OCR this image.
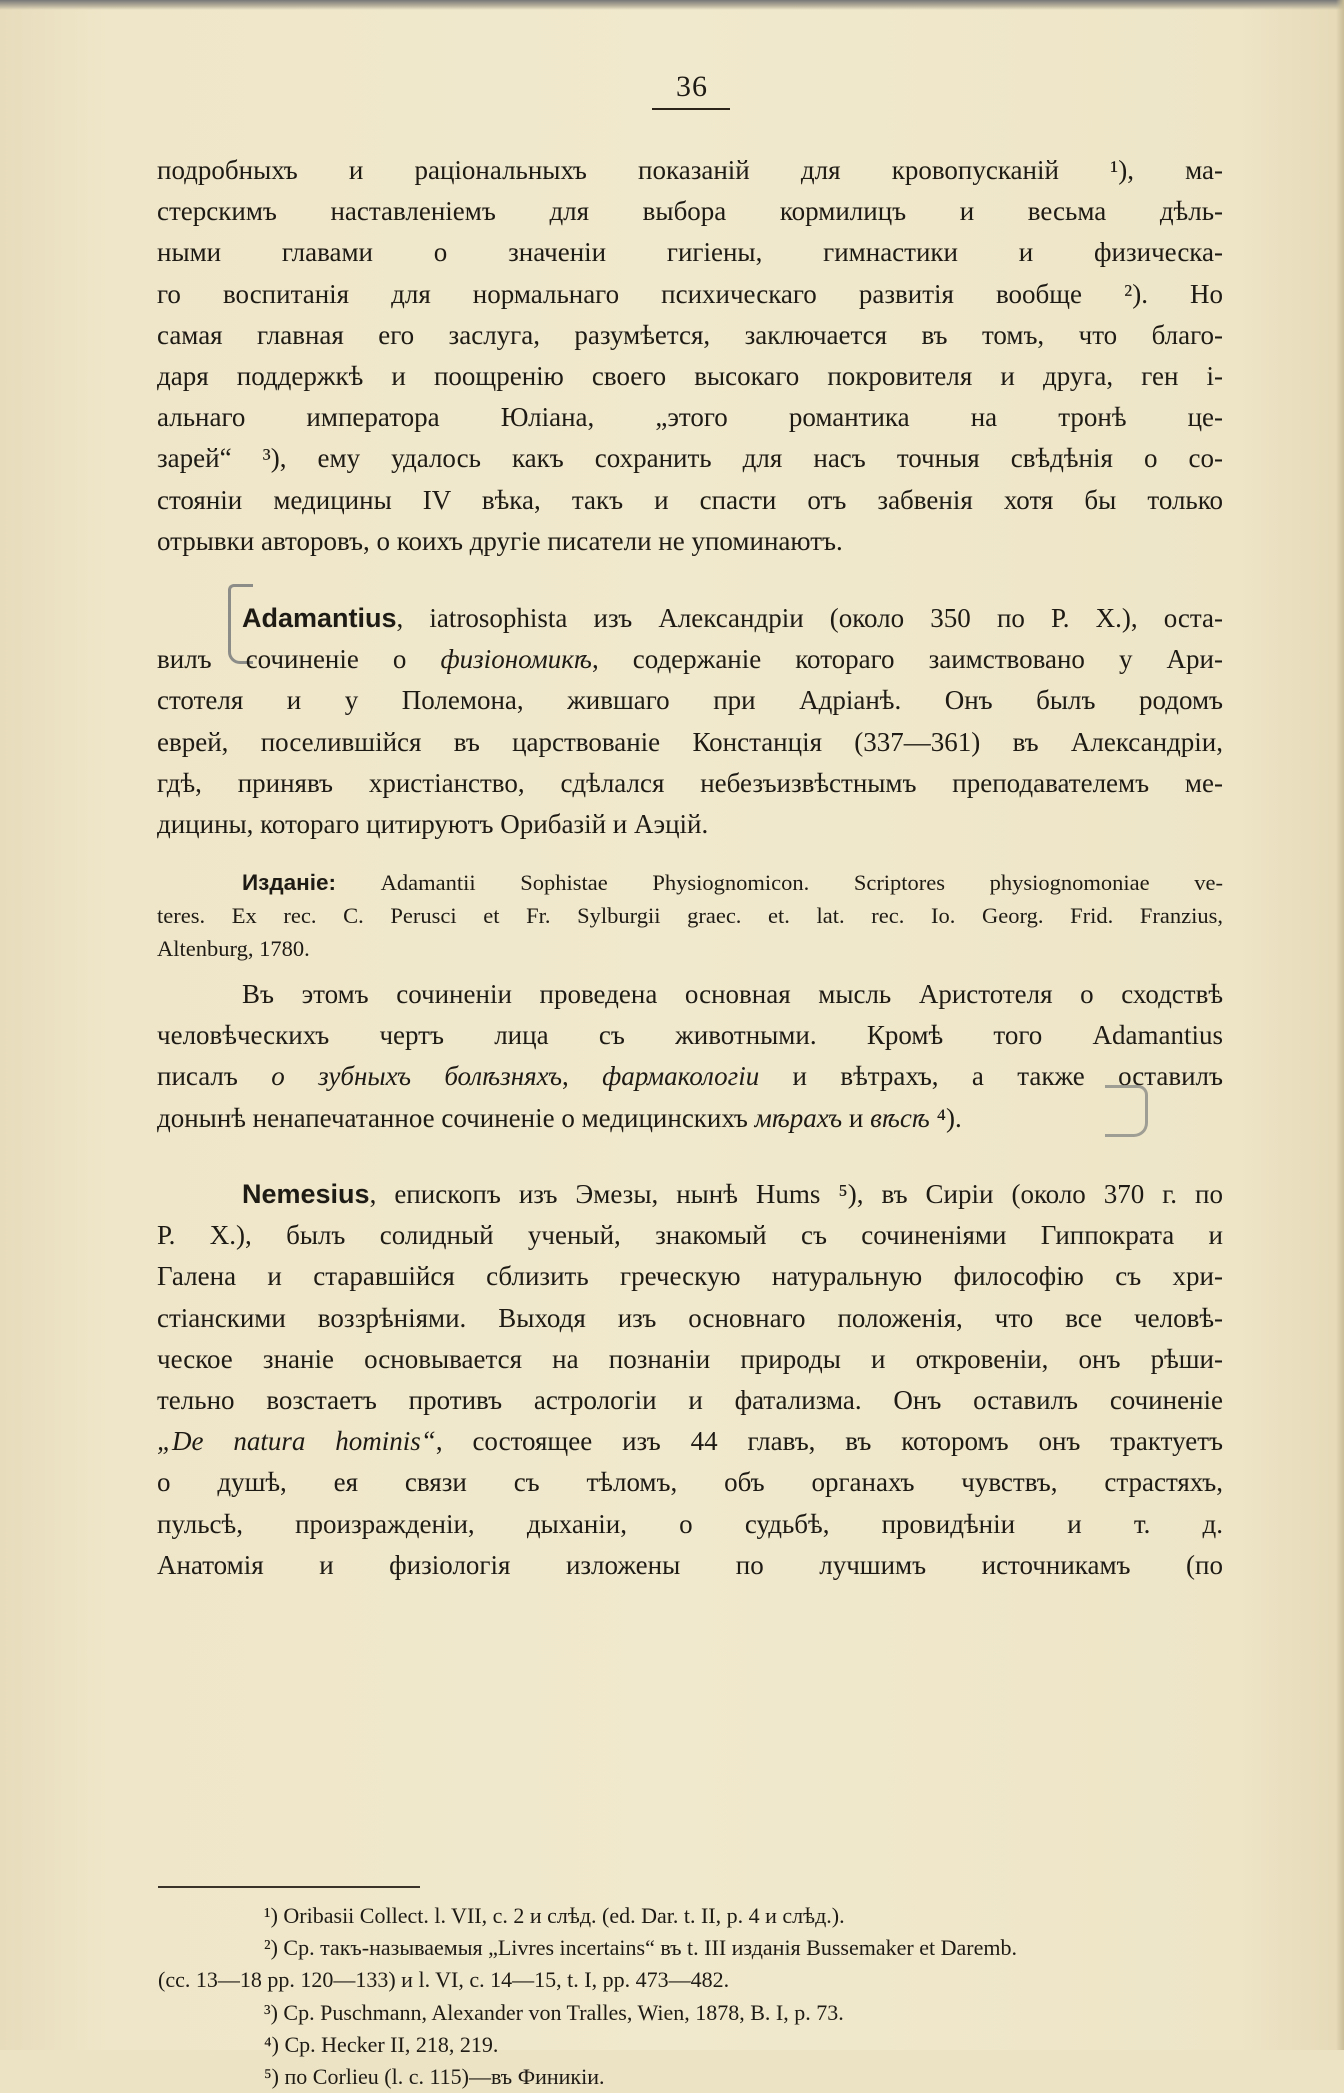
36
подробныхъ и раціональныхъ показаній для кровопусканій ¹), ма-
стерскимъ наставленіемъ для выбора кормилицъ и весьма дѣль-
ными главами о значеніи гигіены, гимнастики и физическа-
го воспитанія для нормальнаго психическаго развитія вообще ²). Но
самая главная его заслуга, разумѣется, заключается въ томъ, что благо-
даря поддержкѣ и поощренію своего высокаго покровителя и друга, ген і-
альнаго императора Юліана, „этого романтика на тронѣ це-
зарей“ ³), ему удалось какъ сохранить для насъ точныя свѣдѣнія о со-
стояніи медицины IV вѣка, такъ и спасти отъ забвенія хотя бы только
отрывки авторовъ, о коихъ другіе писатели не упоминаютъ.
Adamantius, iatrosophista изъ Александріи (около 350 по Р. Х.), оста-
вилъ сочиненіе о физіономикѣ, содержаніе котораго заимствовано у Ари-
стотеля и у Полемона, жившаго при Адріанѣ. Онъ былъ родомъ
еврей, поселившійся въ царствованіе Констанція (337—361) въ Александріи,
гдѣ, принявъ христіанство, сдѣлался небезъизвѣстнымъ преподавателемъ ме-
дицины, котораго цитируютъ Орибазій и Аэцій.
Изданіе: Adamantii Sophistae Physiognomicon. Scriptores physiognomoniae ve-
teres. Ex rec. C. Perusci et Fr. Sylburgii graec. et. lat. rec. Io. Georg. Frid. Franzius,
Altenburg, 1780.
Въ этомъ сочиненіи проведена основная мысль Аристотеля о сходствѣ
человѣческихъ чертъ лица съ животными. Кромѣ того Adamantius
писалъ о зубныхъ болѣзняхъ, фармакологіи и вѣтрахъ, а также оставилъ
донынѣ ненапечатанное сочиненіе о медицинскихъ мѣрахъ и вѣсѣ ⁴).
Nemesius, епископъ изъ Эмезы, нынѣ Hums ⁵), въ Сиріи (около 370 г. по
Р. Х.), былъ солидный ученый, знакомый съ сочиненіями Гиппократа и
Галена и старавшійся сблизить греческую натуральную философію съ хри-
стіанскими воззрѣніями. Выходя изъ основнаго положенія, что все человѣ-
ческое знаніе основывается на познаніи природы и откровеніи, онъ рѣши-
тельно возстаетъ противъ астрологіи и фатализма. Онъ оставилъ сочиненіе
„De natura hominis“, состоящее изъ 44 главъ, въ которомъ онъ трактуетъ
о душѣ, ея связи съ тѣломъ, объ органахъ чувствъ, страстяхъ,
пульсѣ, произражденіи, дыханіи, о судьбѣ, провидѣніи и т. д.
Анатомія и физіологія изложены по лучшимъ источникамъ (по
¹) Oribasii Collect. l. VII, c. 2 и слѣд. (ed. Dar. t. II, p. 4 и слѣд.).
²) Ср. такъ-называемыя „Livres incertains“ въ t. III изданія Bussemaker et Daremb.
(сс. 13—18 pp. 120—133) и l. VI, c. 14—15, t. I, pp. 473—482.
³) Ср. Puschmann, Alexander von Tralles, Wien, 1878, B. I, p. 73.
⁴) Ср. Hecker II, 218, 219.
⁵) по Corlieu (l. c. 115)—въ Финикіи.
